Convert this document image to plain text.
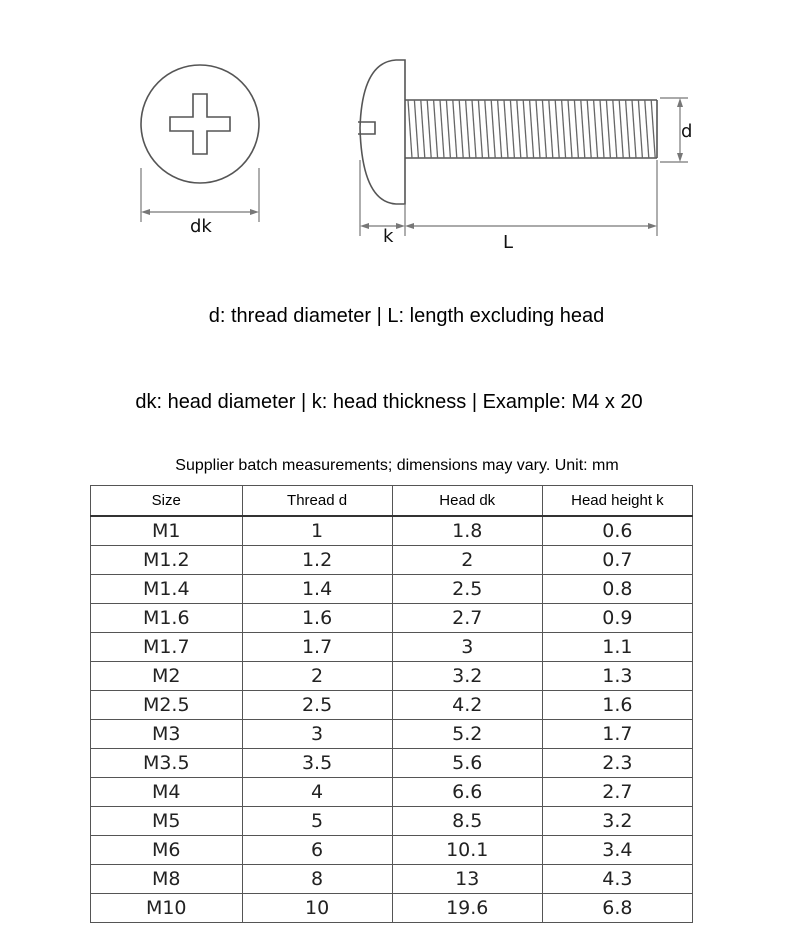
dk	k	L
d
d: thread diameter | L: length excluding head
dk: head diameter | k: head thickness | Example: M4 x 20
Supplier batch measurements; dimensions may vary. Unit: mm
Size	Thread d	Head dk	Head height k
M1	1	1.8	0.6
M1.2	1.2	2	0.7
M1.4	1.4	2.5	0.8
M1.6	1.6	2.7	0.9
M1.7	1.7	3	1.1
M2	2	3.2	1.3
M2.5	2.5	4.2	1.6
M3	3	5.2	1.7
M3.5	3.5	5.6	2.3
M4	4	6.6	2.7
M5	5	8.5	3.2
M6	6	10.1	3.4
M8	8	13	4.3
M10	10	19.6	6.8
